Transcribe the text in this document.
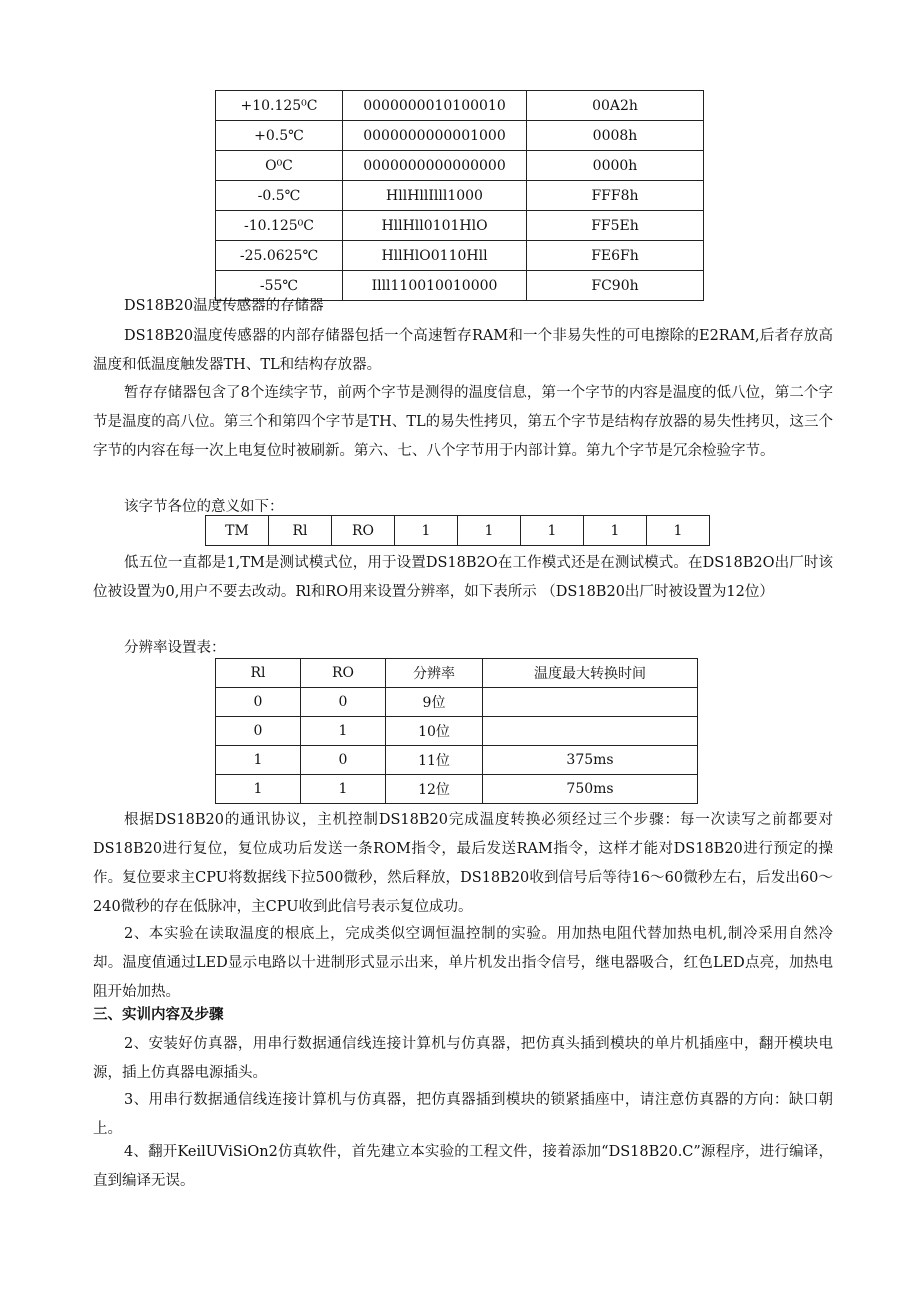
+10.125⁰C	0000000010100010	00A2h
+0.5℃	0000000000001000	0008h
O⁰C	0000000000000000	0000h
-0.5℃	HllHllIlll1000	FFF8h
-10.125⁰C	HllHll0101HlO	FF5Eh
-25.0625℃	HllHlO0110Hll	FE6Fh
-55℃	Illl110010010000	FC90h

DS18B20温度传感器的存储器

DS18B20温度传感器的内部存储器包括一个高速暂存RAM和一个非易失性的可电擦除的E2RAM,后者存放高温度和低温度触发器TH、TL和结构存放器。

暂存存储器包含了8个连续字节，前两个字节是测得的温度信息，第一个字节的内容是温度的低八位，第二个字节是温度的高八位。第三个和第四个字节是TH、TL的易失性拷贝，第五个字节是结构存放器的易失性拷贝，这三个字节的内容在每一次上电复位时被刷新。第六、七、八个字节用于内部计算。第九个字节是冗余检验字节。

该字节各位的意义如下：

TM	Rl	RO	1	1	1	1	1

低五位一直都是1,TM是测试模式位，用于设置DS18B2O在工作模式还是在测试模式。在DS18B2O出厂时该位被设置为0,用户不要去改动。Rl和RO用来设置分辨率，如下表所示 （DS18B20出厂时被设置为12位）

分辨率设置表：

Rl	RO	分辨率	温度最大转换时间
0	0	9位	
0	1	10位	
1	0	11位	375ms
1	1	12位	750ms

根据DS18B20的通讯协议，主机控制DS18B20完成温度转换必须经过三个步骤：每一次读写之前都要对DS18B20进行复位，复位成功后发送一条ROM指令，最后发送RAM指令，这样才能对DS18B20进行预定的操作。复位要求主CPU将数据线下拉500微秒，然后释放，DS18B20收到信号后等待16～60微秒左右，后发出60～240微秒的存在低脉冲，主CPU收到此信号表示复位成功。

2、本实验在读取温度的根底上，完成类似空调恒温控制的实验。用加热电阻代替加热电机,制冷采用自然冷却。温度值通过LED显示电路以十进制形式显示出来，单片机发出指令信号，继电器吸合，红色LED点亮，加热电阻开始加热。

三、实训内容及步骤

2、安装好仿真器，用串行数据通信线连接计算机与仿真器，把仿真头插到模块的单片机插座中，翻开模块电源，插上仿真器电源插头。

3、用串行数据通信线连接计算机与仿真器，把仿真器插到模块的锁紧插座中，请注意仿真器的方向：缺口朝上。

4、翻开KeilUViSiOn2仿真软件，首先建立本实验的工程文件，接着添加“DS18B20.C”源程序，进行编译，直到编译无误。
